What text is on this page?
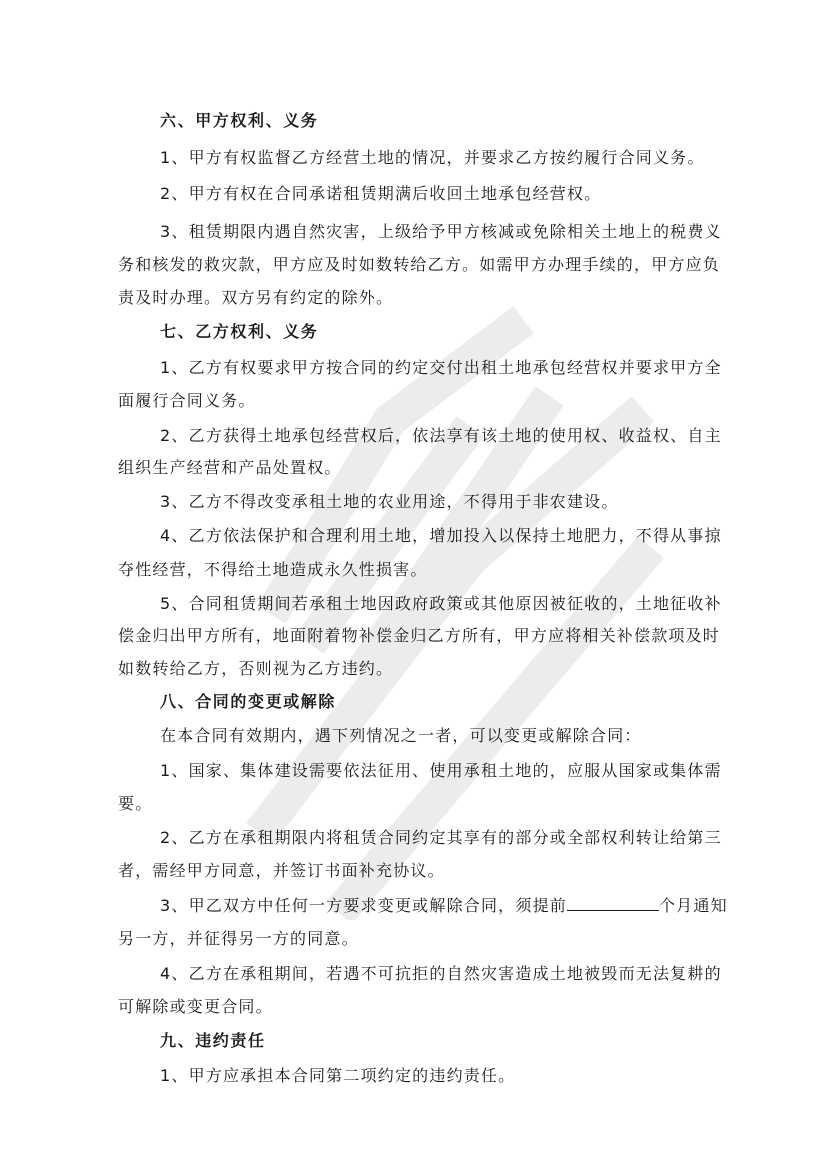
六、甲方权利、义务
1、甲方有权监督乙方经营土地的情况，并要求乙方按约履行合同义务。
2、甲方有权在合同承诺租赁期满后收回土地承包经营权。
3、租赁期限内遇自然灾害，上级给予甲方核减或免除相关土地上的税费义
务和核发的救灾款，甲方应及时如数转给乙方。如需甲方办理手续的，甲方应负
责及时办理。双方另有约定的除外。
七、乙方权利、义务
1、乙方有权要求甲方按合同的约定交付出租土地承包经营权并要求甲方全
面履行合同义务。
2、乙方获得土地承包经营权后，依法享有该土地的使用权、收益权、自主
组织生产经营和产品处置权。
3、乙方不得改变承租土地的农业用途，不得用于非农建设。
4、乙方依法保护和合理利用土地，增加投入以保持土地肥力，不得从事掠
夺性经营，不得给土地造成永久性损害。
5、合同租赁期间若承租土地因政府政策或其他原因被征收的，土地征收补
偿金归出甲方所有，地面附着物补偿金归乙方所有，甲方应将相关补偿款项及时
如数转给乙方，否则视为乙方违约。
八、合同的变更或解除
在本合同有效期内，遇下列情况之一者，可以变更或解除合同：
1、国家、集体建设需要依法征用、使用承租土地的，应服从国家或集体需
要。
2、乙方在承租期限内将租赁合同约定其享有的部分或全部权利转让给第三
者，需经甲方同意，并签订书面补充协议。
3、甲乙双方中任何一方要求变更或解除合同，须提前	个月通知
另一方，并征得另一方的同意。
4、乙方在承租期间，若遇不可抗拒的自然灾害造成土地被毁而无法复耕的
可解除或变更合同。
九、违约责任
1、甲方应承担本合同第二项约定的违约责任。
